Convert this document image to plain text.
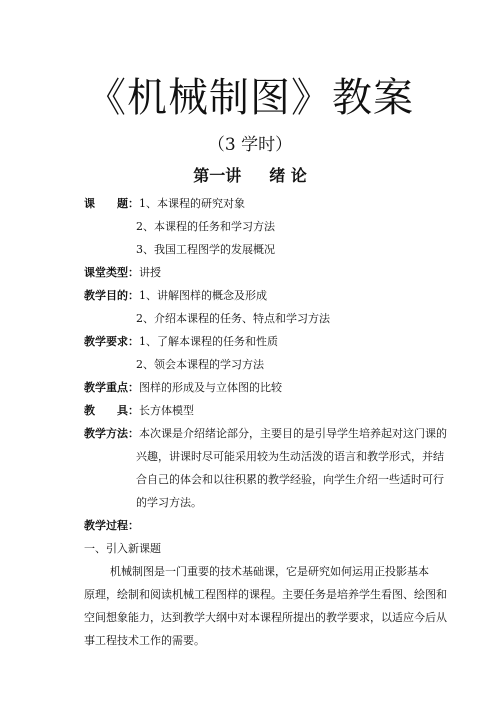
《机械制图》教案
（3 学时）
第一讲 绪 论
课　　题：1、本课程的研究对象
2、本课程的任务和学习方法
3、我国工程图学的发展概况
课堂类型：讲授
教学目的：1、讲解图样的概念及形成
2、介绍本课程的任务、特点和学习方法
教学要求：1、了解本课程的任务和性质
2、领会本课程的学习方法
教学重点：图样的形成及与立体图的比较
教　　具：长方体模型
教学方法：本次课是介绍绪论部分，主要目的是引导学生培养起对这门课的
兴趣，讲课时尽可能采用较为生动活泼的语言和教学形式，并结
合自己的体会和以往积累的教学经验，向学生介绍一些适时可行
的学习方法。
教学过程：
一、引入新课题
机械制图是一门重要的技术基础课，它是研究如何运用正投影基本
原理，绘制和阅读机械工程图样的课程。主要任务是培养学生看图、绘图和
空间想象能力，达到教学大纲中对本课程所提出的教学要求，以适应今后从
事工程技术工作的需要。
